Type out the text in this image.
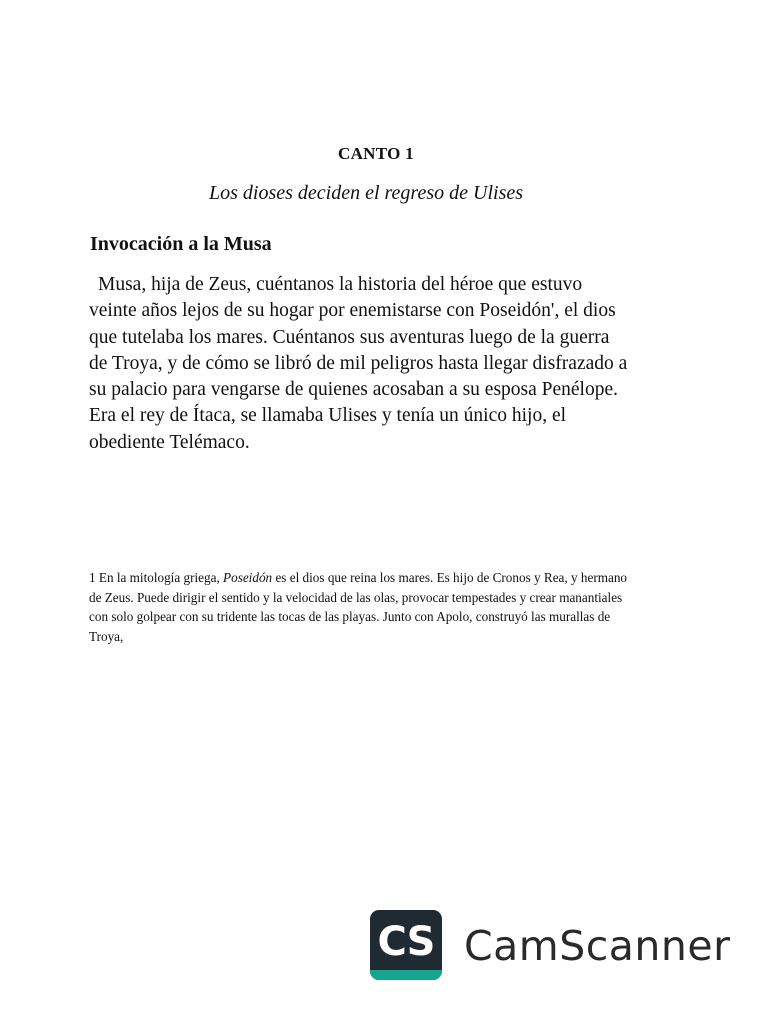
CANTO 1
Los dioses deciden el regreso de Ulises
Invocación a la Musa

Musa, hija de Zeus, cuéntanos la historia del héroe que estuvo veinte años lejos de su hogar por enemistarse con Poseidón', el dios que tutelaba los mares. Cuéntanos sus aventuras luego de la guerra de Troya, y de cómo se libró de mil peligros hasta llegar disfrazado a su palacio para vengarse de quienes acosaban a su esposa Penélope. Era el rey de Ítaca, se llamaba Ulises y tenía un único hijo, el obediente Telémaco.

1 En la mitología griega, Poseidón es el dios que reina los mares. Es hijo de Cronos y Rea, y hermano de Zeus. Puede dirigir el sentido y la velocidad de las olas, provocar tempestades y crear manantiales con solo golpear con su tridente las tocas de las playas. Junto con Apolo, construyó las murallas de Troya,

CS CamScanner
